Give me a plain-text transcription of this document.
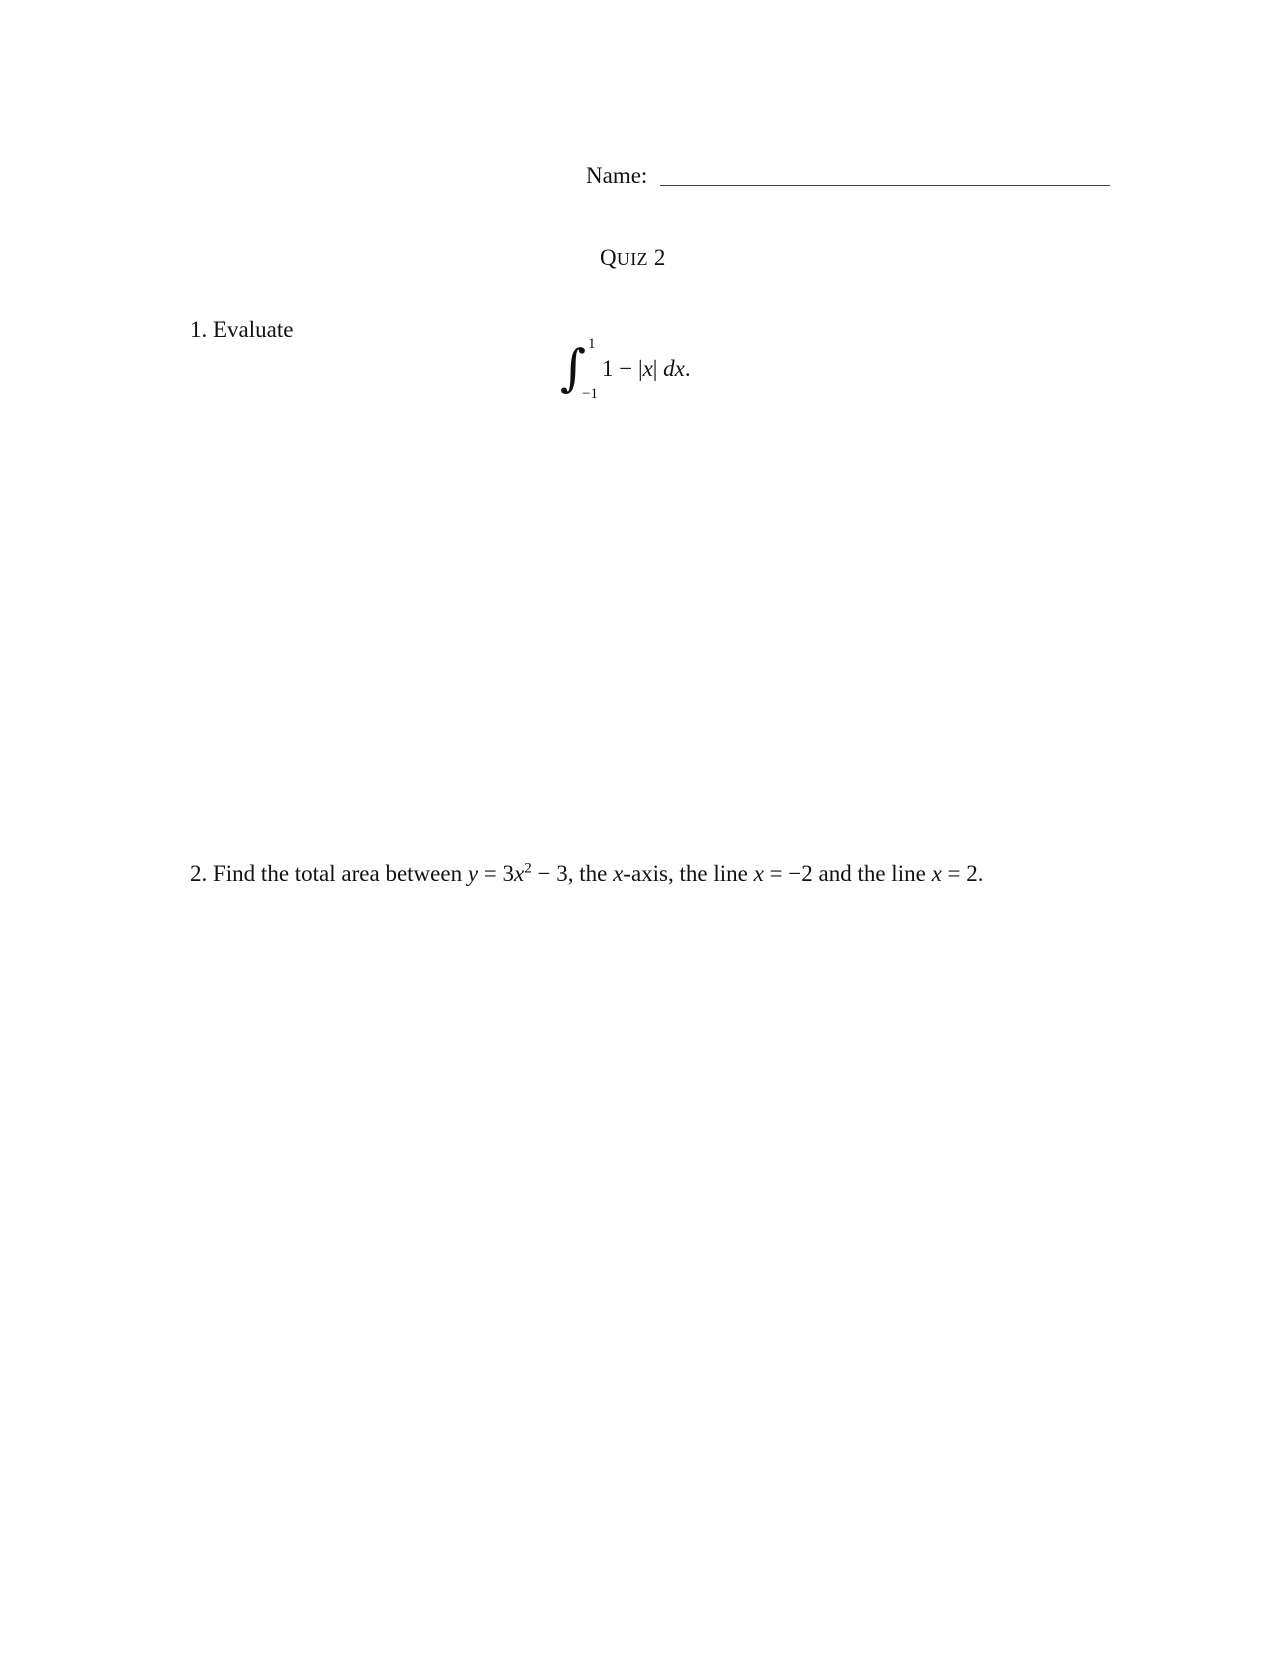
Name:
QUIZ 2
1. Evaluate
∫ 1
−1
1 − |x| dx.
2. Find the total area between $y = 3x^2 - 3$, the x-axis, the line x = −2 and the line x = 2.
